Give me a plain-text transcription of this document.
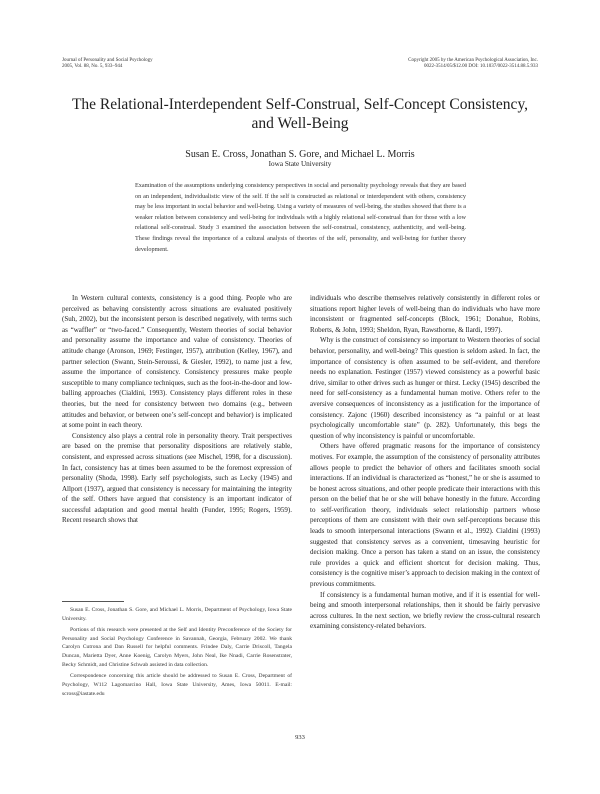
Journal of Personality and Social Psychology
2005, Vol. 88, No. 5, 933–944
Copyright 2005 by the American Psychological Association, Inc.
0022-3514/05/$12.00 DOI: 10.1037/0022-3514.88.5.933
The Relational-Interdependent Self-Construal, Self-Concept Consistency, and Well-Being
Susan E. Cross, Jonathan S. Gore, and Michael L. Morris
Iowa State University
Examination of the assumptions underlying consistency perspectives in social and personality psychology reveals that they are based on an independent, individualistic view of the self. If the self is constructed as relational or interdependent with others, consistency may be less important in social behavior and well-being. Using a variety of measures of well-being, the studies showed that there is a weaker relation between consistency and well-being for individuals with a highly relational self-construal than for those with a low relational self-construal. Study 3 examined the association between the self-construal, consistency, authenticity, and well-being. These findings reveal the importance of a cultural analysis of theories of the self, personality, and well-being for further theory development.

In Western cultural contexts, consistency is a good thing. People who are perceived as behaving consistently across situations are evaluated positively (Suh, 2002), but the inconsistent person is described negatively, with terms such as “waffler” or “two-faced.” Consequently, Western theories of social behavior and personality assume the importance and value of consistency. Theories of attitude change (Aronson, 1969; Festinger, 1957), attribution (Kelley, 1967), and partner selection (Swann, Stein-Seroussi, & Giesler, 1992), to name just a few, assume the importance of consistency. Consistency pressures make people susceptible to many compliance techniques, such as the foot-in-the-door and low-balling approaches (Cialdini, 1993). Consistency plays different roles in these theories, but the need for consistency between two domains (e.g., between attitudes and behavior, or between one’s self-concept and behavior) is implicated at some point in each theory.

Consistency also plays a central role in personality theory. Trait perspectives are based on the premise that personality dispositions are relatively stable, consistent, and expressed across situations (see Mischel, 1998, for a discussion). In fact, consistency has at times been assumed to be the foremost expression of personality (Shoda, 1998). Early self psychologists, such as Lecky (1945) and Allport (1937), argued that consistency is necessary for maintaining the integrity of the self. Others have argued that consistency is an important indicator of successful adaptation and good mental health (Funder, 1995; Rogers, 1959). Recent research shows that

Susan E. Cross, Jonathan S. Gore, and Michael L. Morris, Department of Psychology, Iowa State University.

Portions of this research were presented at the Self and Identity Preconference of the Society for Personality and Social Psychology Conference in Savannah, Georgia, February 2002. We thank Carolyn Cutrona and Dan Russell for helpful comments. Frindee Daly, Carrie Driscoll, Tangela Duncan, Marietta Dyer, Anne Koenig, Carolyn Myers, John Neal, Ike Nnadi, Carrie Rosenstrater, Becky Schmidt, and Christine Schwab assisted in data collection.

Correspondence concerning this article should be addressed to Susan E. Cross, Department of Psychology, W112 Lagomarcino Hall, Iowa State University, Ames, Iowa 50011. E-mail: scross@iastate.edu

individuals who describe themselves relatively consistently in different roles or situations report higher levels of well-being than do individuals who have more inconsistent or fragmented self-concepts (Block, 1961; Donahue, Robins, Roberts, & John, 1993; Sheldon, Ryan, Rawsthorne, & Ilardi, 1997).

Why is the construct of consistency so important to Western theories of social behavior, personality, and well-being? This question is seldom asked. In fact, the importance of consistency is often assumed to be self-evident, and therefore needs no explanation. Festinger (1957) viewed consistency as a powerful basic drive, similar to other drives such as hunger or thirst. Lecky (1945) described the need for self-consistency as a fundamental human motive. Others refer to the aversive consequences of inconsistency as a justification for the importance of consistency. Zajonc (1960) described inconsistency as “a painful or at least psychologically uncomfortable state” (p. 282). Unfortunately, this begs the question of why inconsistency is painful or uncomfortable.

Others have offered pragmatic reasons for the importance of consistency motives. For example, the assumption of the consistency of personality attributes allows people to predict the behavior of others and facilitates smooth social interactions. If an individual is characterized as “honest,” he or she is assumed to be honest across situations, and other people predicate their interactions with this person on the belief that he or she will behave honestly in the future. According to self-verification theory, individuals select relationship partners whose perceptions of them are consistent with their own self-perceptions because this leads to smooth interpersonal interactions (Swann et al., 1992). Cialdini (1993) suggested that consistency serves as a convenient, timesaving heuristic for decision making. Once a person has taken a stand on an issue, the consistency rule provides a quick and efficient shortcut for decision making. Thus, consistency is the cognitive miser’s approach to decision making in the context of previous commitments.

If consistency is a fundamental human motive, and if it is essential for well-being and smooth interpersonal relationships, then it should be fairly pervasive across cultures. In the next section, we briefly review the cross-cultural research examining consistency-related behaviors.

933
